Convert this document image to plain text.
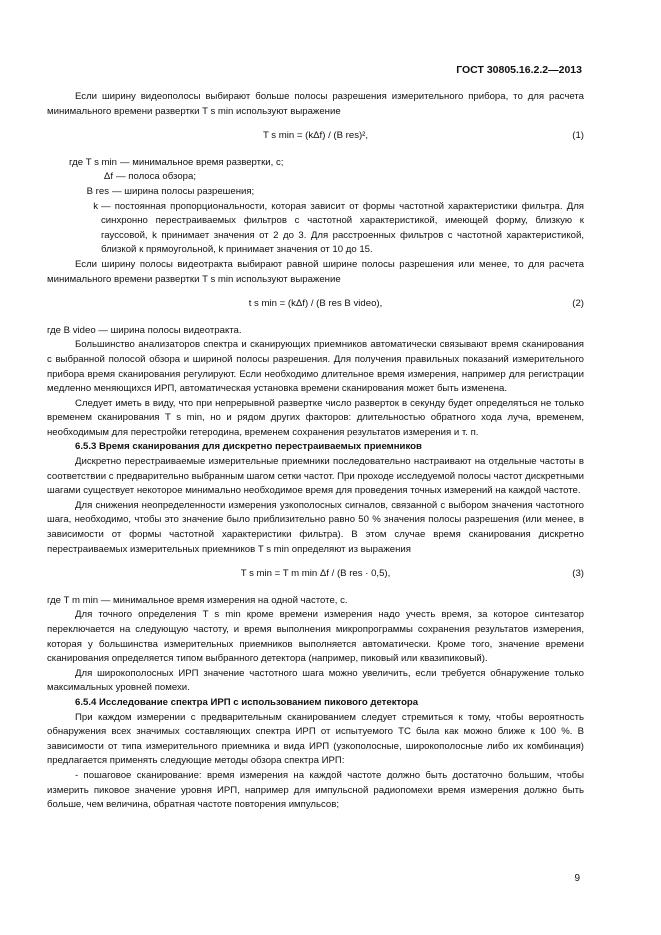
ГОСТ 30805.16.2.2—2013

Если ширину видеополосы выбирают больше полосы разрешения измерительного прибора, то для расчета минимального времени развертки T s min используют выражение

T s min = (kΔf) / (B res)²,	(1)
где T s min — минимальное время развертки, с;
Δf — полоса обзора;
B res — ширина полосы разрешения;
k — постоянная пропорциональности, которая зависит от формы частотной характеристики фильтра. Для синхронно перестраиваемых фильтров с частотной характеристикой, имеющей форму, близкую к гауссовой, k принимает значения от 2 до 3. Для расстроенных фильтров с частотной характеристикой, близкой к прямоугольной, k принимает значения от 10 до 15.

Если ширину полосы видеотракта выбирают равной ширине полосы разрешения или менее, то для расчета минимального времени развертки T s min используют выражение

t s min = (kΔf) / (B res B video),	(2)

где B video — ширина полосы видеотракта.

Большинство анализаторов спектра и сканирующих приемников автоматически связывают время сканирования с выбранной полосой обзора и шириной полосы разрешения. Для получения правильных показаний измерительного прибора время сканирования регулируют. Если необходимо длительное время измерения, например для регистрации медленно меняющихся ИРП, автоматическая установка времени сканирования может быть изменена.

Следует иметь в виду, что при непрерывной развертке число разверток в секунду будет определяться не только временем сканирования T s min, но и рядом других факторов: длительностью обратного хода луча, временем, необходимым для перестройки гетеродина, временем сохранения результатов измерения и т. п.

6.5.3 Время сканирования для дискретно перестраиваемых приемников

Дискретно перестраиваемые измерительные приемники последовательно настраивают на отдельные частоты в соответствии с предварительно выбранным шагом сетки частот. При проходе исследуемой полосы частот дискретными шагами существует некоторое минимально необходимое время для проведения точных измерений на каждой частоте.

Для снижения неопределенности измерения узкополосных сигналов, связанной с выбором значения частотного шага, необходимо, чтобы это значение было приблизительно равно 50 % значения полосы разрешения (или менее, в зависимости от формы частотной характеристики фильтра). В этом случае время сканирования дискретно перестраиваемых измерительных приемников T s min определяют из выражения

T s min = T m min Δf / (B res · 0,5),	(3)

где T m min — минимальное время измерения на одной частоте, с.

Для точного определения T s min кроме времени измерения надо учесть время, за которое синтезатор переключается на следующую частоту, и время выполнения микропрограммы сохранения результатов измерения, которая у большинства измерительных приемников выполняется автоматически. Кроме того, значение времени сканирования определяется типом выбранного детектора (например, пиковый или квазипиковый).

Для широкополосных ИРП значение частотного шага можно увеличить, если требуется обнаружение только максимальных уровней помехи.

6.5.4 Исследование спектра ИРП с использованием пикового детектора

При каждом измерении с предварительным сканированием следует стремиться к тому, чтобы вероятность обнаружения всех значимых составляющих спектра ИРП от испытуемого ТС была как можно ближе к 100 %. В зависимости от типа измерительного приемника и вида ИРП (узкополосные, широкополосные либо их комбинация) предлагается применять следующие методы обзора спектра ИРП:

- пошаговое сканирование: время измерения на каждой частоте должно быть достаточно большим, чтобы измерить пиковое значение уровня ИРП, например для импульсной радиопомехи время измерения должно быть больше, чем величина, обратная частоте повторения импульсов;

9
